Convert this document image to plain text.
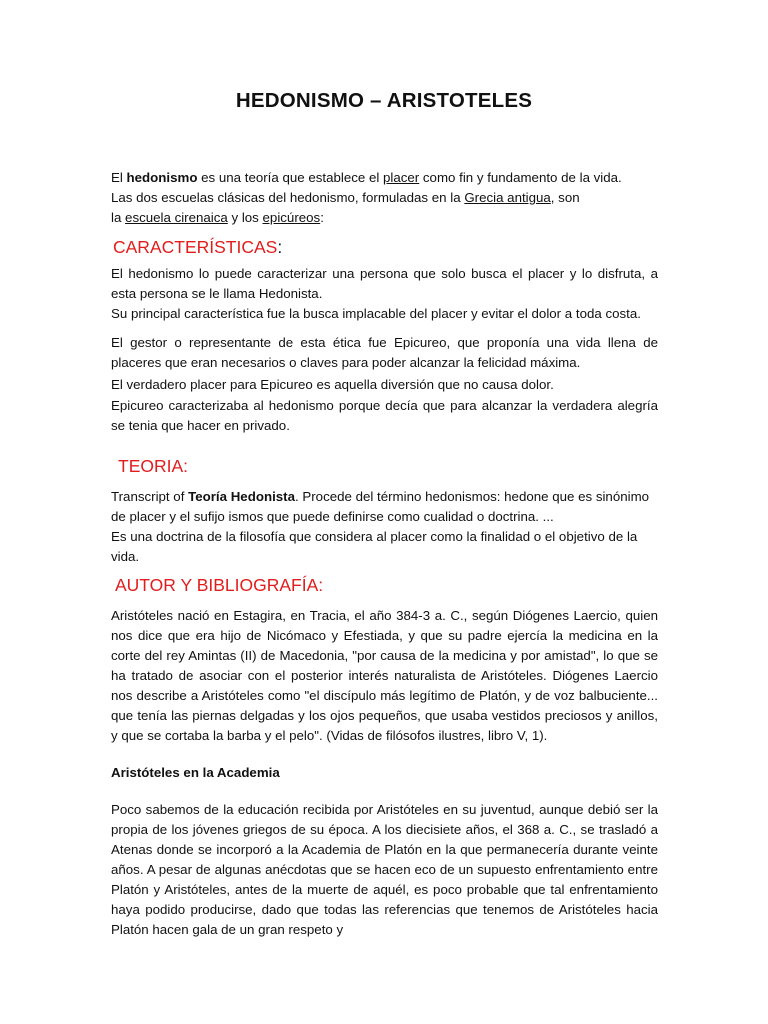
HEDONISMO – ARISTOTELES

El hedonismo es una teoría que establece el placer como fin y fundamento de la vida.

Las dos escuelas clásicas del hedonismo, formuladas en la Grecia antigua, son

la escuela cirenaica y los epicúreos:

CARACTERÍSTICAS:

El hedonismo lo puede caracterizar una persona que solo busca el placer y lo disfruta, a esta persona se le llama Hedonista.

Su principal característica fue la busca implacable del placer y evitar el dolor a toda costa.

El gestor o representante de esta ética fue Epicureo, que proponía una vida llena de placeres que eran necesarios o claves para poder alcanzar la felicidad máxima.

El verdadero placer para Epicureo es aquella diversión que no causa dolor.

Epicureo caracterizaba al hedonismo porque decía que para alcanzar la verdadera alegría se tenia que hacer en privado.

TEORIA:

Transcript of Teoría Hedonista. Procede del término hedonismos: hedone que es sinónimo de placer y el sufijo ismos que puede definirse como cualidad o doctrina. ...

Es una doctrina de la filosofía que considera al placer como la finalidad o el objetivo de la vida.

AUTOR Y BIBLIOGRAFÍA:

Aristóteles nació en Estagira, en Tracia, el año 384-3 a. C., según Diógenes Laercio, quien nos dice que era hijo de Nicómaco y Efestiada, y que su padre ejercía la medicina en la corte del rey Amintas (II) de Macedonia, "por causa de la medicina y por amistad", lo que se ha tratado de asociar con el posterior interés naturalista de Aristóteles. Diógenes Laercio nos describe a Aristóteles como "el discípulo más legítimo de Platón, y de voz balbuciente... que tenía las piernas delgadas y los ojos pequeños, que usaba vestidos preciosos y anillos, y que se cortaba la barba y el pelo". (Vidas de filósofos ilustres, libro V, 1).

Aristóteles en la Academia

Poco sabemos de la educación recibida por Aristóteles en su juventud, aunque debió ser la propia de los jóvenes griegos de su época. A los diecisiete años, el 368 a. C., se trasladó a Atenas donde se incorporó a la Academia de Platón en la que permanecería durante veinte años. A pesar de algunas anécdotas que se hacen eco de un supuesto enfrentamiento entre Platón y Aristóteles, antes de la muerte de aquél, es poco probable que tal enfrentamiento haya podido producirse, dado que todas las referencias que tenemos de Aristóteles hacia Platón hacen gala de un gran respeto y
